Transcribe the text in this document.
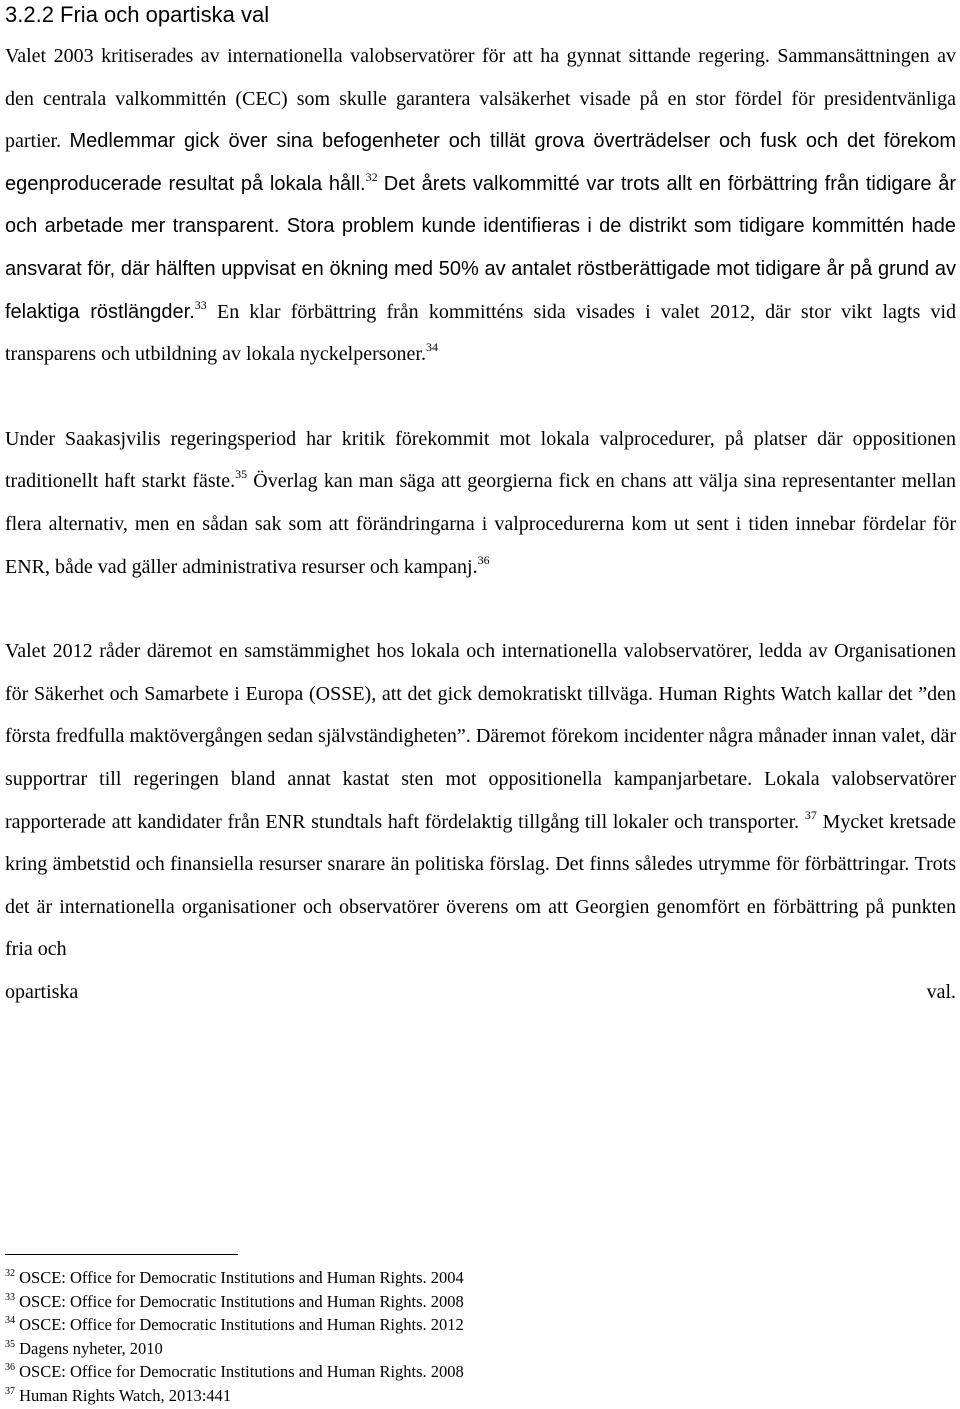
3.2.2 Fria och opartiska val

Valet 2003 kritiserades av internationella valobservatörer för att ha gynnat sittande regering. Sammansättningen av den centrala valkommittén (CEC) som skulle garantera valsäkerhet visade på en stor fördel för presidentvänliga partier. Medlemmar gick över sina befogenheter och tillät grova överträdelser och fusk och det förekom egenproducerade resultat på lokala håll.$^{32}$ Det årets valkommitté var trots allt en förbättring från tidigare år och arbetade mer transparent. Stora problem kunde identifieras i de distrikt som tidigare kommittén hade ansvarat för, där hälften uppvisat en ökning med 50% av antalet röstberättigade mot tidigare år på grund av felaktiga röstlängder.$^{33}$ En klar förbättring från kommitténs sida visades i valet 2012, där stor vikt lagts vid transparens och utbildning av lokala nyckelpersoner.$^{34}$

Under Saakasjvilis regeringsperiod har kritik förekommit mot lokala valprocedurer, på platser där oppositionen traditionellt haft starkt fäste.$^{35}$ Överlag kan man säga att georgierna fick en chans att välja sina representanter mellan flera alternativ, men en sådan sak som att förändringarna i valprocedurerna kom ut sent i tiden innebar fördelar för ENR, både vad gäller administrativa resurser och kampanj.$^{36}$

Valet 2012 råder däremot en samstämmighet hos lokala och internationella valobservatörer, ledda av Organisationen för Säkerhet och Samarbete i Europa (OSSE), att det gick demokratiskt tillväga. Human Rights Watch kallar det ”den första fredfulla maktövergången sedan självständigheten”. Däremot förekom incidenter några månader innan valet, där supportrar till regeringen bland annat kastat sten mot oppositionella kampanjarbetare. Lokala valobservatörer rapporterade att kandidater från ENR stundtals haft fördelaktig tillgång till lokaler och transporter. $^{37}$ Mycket kretsade kring ämbetstid och finansiella resurser snarare än politiska förslag. Det finns således utrymme för förbättringar. Trots det är internationella organisationer och observatörer överens om att Georgien genomfört en förbättring på punkten fria och

opartiska	val.
$^{32}$ OSCE: Office for Democratic Institutions and Human Rights. 2004
$^{33}$ OSCE: Office for Democratic Institutions and Human Rights. 2008
$^{34}$ OSCE: Office for Democratic Institutions and Human Rights. 2012
$^{35}$ Dagens nyheter, 2010
$^{36}$ OSCE: Office for Democratic Institutions and Human Rights. 2008
$^{37}$ Human Rights Watch, 2013:441
